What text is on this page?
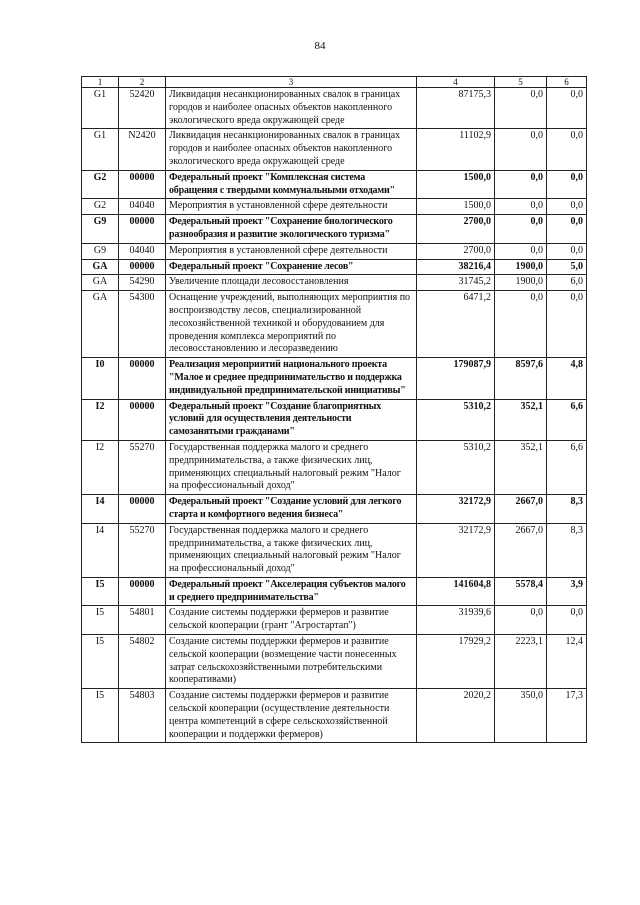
84
1	2	3	4	5	6
G1	52420	Ликвидация несанкционированных свалок в границах городов и наиболее опасных объектов накопленного экологического вреда окружающей среде	87175,3	0,0	0,0
G1	N2420	Ликвидация несанкционированных свалок в границах городов и наиболее опасных объектов накопленного экологического вреда окружающей среде	11102,9	0,0	0,0
G2	00000	Федеральный проект "Комплексная система обращения с твердыми коммунальными отходами"	1500,0	0,0	0,0
G2	04040	Мероприятия в установленной сфере деятельности	1500,0	0,0	0,0
G9	00000	Федеральный проект "Сохранение биологического разнообразия и развитие экологического туризма"	2700,0	0,0	0,0
G9	04040	Мероприятия в установленной сфере деятельности	2700,0	0,0	0,0
GA	00000	Федеральный проект "Сохранение лесов"	38216,4	1900,0	5,0
GA	54290	Увеличение площади лесовосстановления	31745,2	1900,0	6,0
GA	54300	Оснащение учреждений, выполняющих мероприятия по воспроизводству лесов, специализированной лесохозяйственной техникой и оборудованием для проведения комплекса мероприятий по лесовосстановлению и лесоразведению	6471,2	0,0	0,0
I0	00000	Реализация мероприятий национального проекта "Малое и среднее предпринимательство и поддержка индивидуальной предпринимательской инициативы"	179087,9	8597,6	4,8
I2	00000	Федеральный проект "Создание благоприятных условий для осуществления деятельности самозанятыми гражданами"	5310,2	352,1	6,6
I2	55270	Государственная поддержка малого и среднего предпринимательства, а также физических лиц, применяющих специальный налоговый режим "Налог на профессиональный доход"	5310,2	352,1	6,6
I4	00000	Федеральный проект "Создание условий для легкого старта и комфортного ведения бизнеса"	32172,9	2667,0	8,3
I4	55270	Государственная поддержка малого и среднего предпринимательства, а также физических лиц, применяющих специальный налоговый режим "Налог на профессиональный доход"	32172,9	2667,0	8,3
I5	00000	Федеральный проект "Акселерация субъектов малого и среднего предпринимательства"	141604,8	5578,4	3,9
I5	54801	Создание системы поддержки фермеров и развитие сельской кооперации (грант "Агростартап")	31939,6	0,0	0,0
I5	54802	Создание системы поддержки фермеров и развитие сельской кооперации (возмещение части понесенных затрат сельскохозяйственными потребительскими кооперативами)	17929,2	2223,1	12,4
I5	54803	Создание системы поддержки фермеров и развитие сельской кооперации (осуществление деятельности центра компетенций в сфере сельскохозяйственной кооперации и поддержки фермеров)	2020,2	350,0	17,3
